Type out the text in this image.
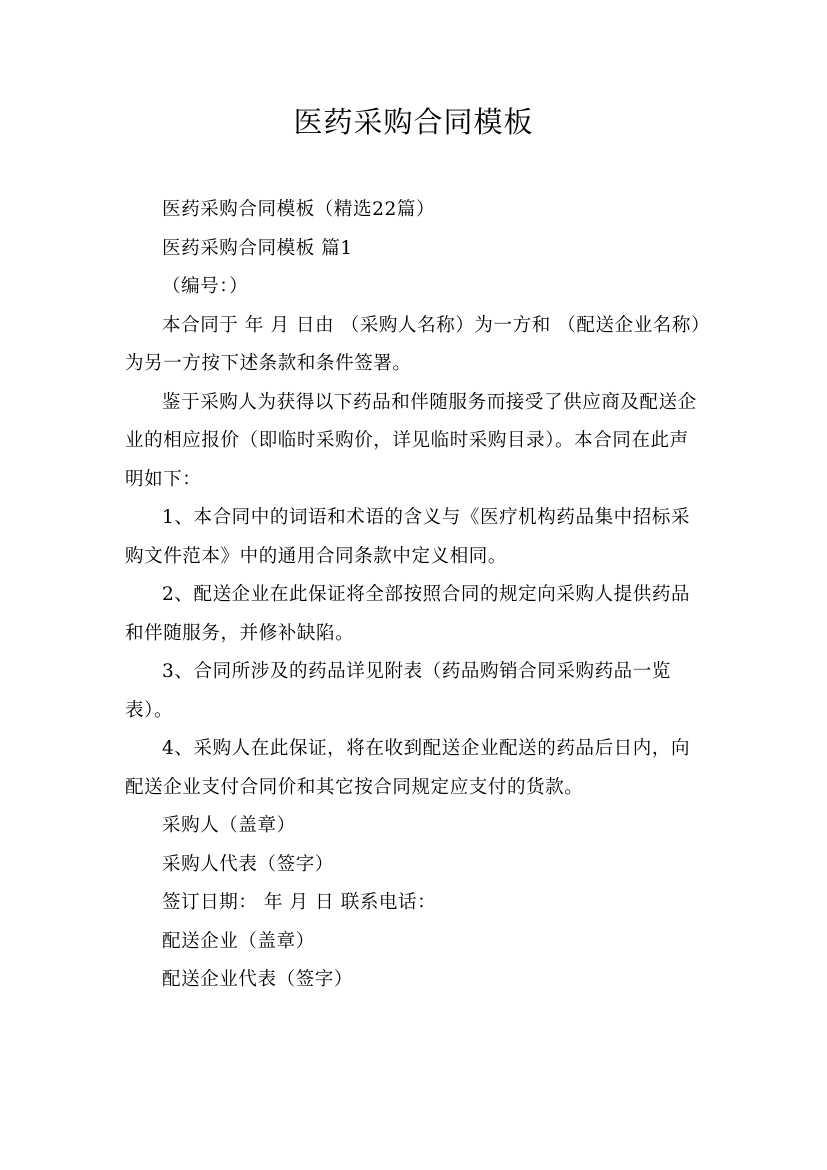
医药采购合同模板

医药采购合同模板（精选22篇）

医药采购合同模板 篇1

（编号：）

本合同于 年 月 日由 （采购人名称）为一方和 （配送企业名称）为另一方按下述条款和条件签署。

鉴于采购人为获得以下药品和伴随服务而接受了供应商及配送企业的相应报价（即临时采购价，详见临时采购目录）。本合同在此声明如下：

1、本合同中的词语和术语的含义与《医疗机构药品集中招标采购文件范本》中的通用合同条款中定义相同。

2、配送企业在此保证将全部按照合同的规定向采购人提供药品和伴随服务，并修补缺陷。

3、合同所涉及的药品详见附表（药品购销合同采购药品一览表）。

4、采购人在此保证，将在收到配送企业配送的药品后日内，向配送企业支付合同价和其它按合同规定应支付的货款。

采购人（盖章）

采购人代表（签字）

签订日期： 年 月 日 联系电话：

配送企业（盖章）

配送企业代表（签字）
